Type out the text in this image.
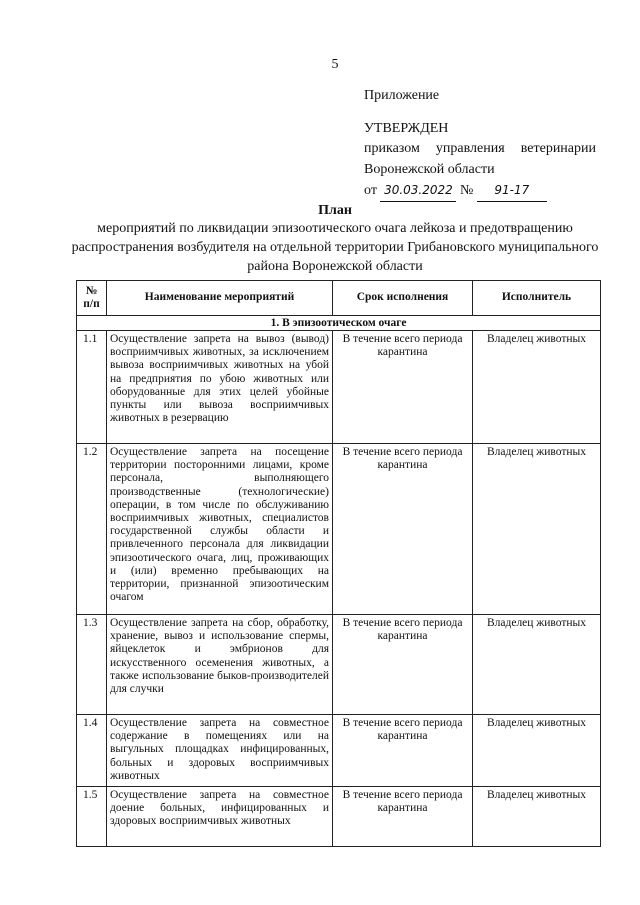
5
Приложение
УТВЕРЖДЕН
приказом управления ветеринарии
Воронежской области
от 30.03.2022 № 91-17
План
мероприятий по ликвидации эпизоотического очага лейкоза и предотвращению распространения возбудителя на отдельной территории Грибановского муниципального района Воронежской области
№ п/п	Наименование мероприятий	Срок исполнения	Исполнитель
1. В эпизоотическом очаге			
1.1	Осуществление запрета на вывоз (вывод) восприимчивых животных, за исключением вывоза восприимчивых животных на убой на предприятия по убою животных или оборудованные для этих целей убойные пункты или вывоза восприимчивых животных в резервацию	В течение всего периода карантина	Владелец животных
1.2	Осуществление запрета на посещение территории посторонними лицами, кроме персонала, выполняющего производственные (технологические) операции, в том числе по обслуживанию восприимчивых животных, специалистов государственной службы области и привлеченного персонала для ликвидации эпизоотического очага, лиц, проживающих и (или) временно пребывающих на территории, признанной эпизоотическим очагом	В течение всего периода карантина	Владелец животных
1.3	Осуществление запрета на сбор, обработку, хранение, вывоз и использование спермы, яйцеклеток и эмбрионов для искусственного осеменения животных, а также использование быков-производителей для случки	В течение всего периода карантина	Владелец животных
1.4	Осуществление запрета на совместное содержание в помещениях или на выгульных площадках инфицированных, больных и здоровых восприимчивых животных	В течение всего периода карантина	Владелец животных
1.5	Осуществление запрета на совместное доение больных, инфицированных и здоровых восприимчивых животных	В течение всего периода карантина	Владелец животных
